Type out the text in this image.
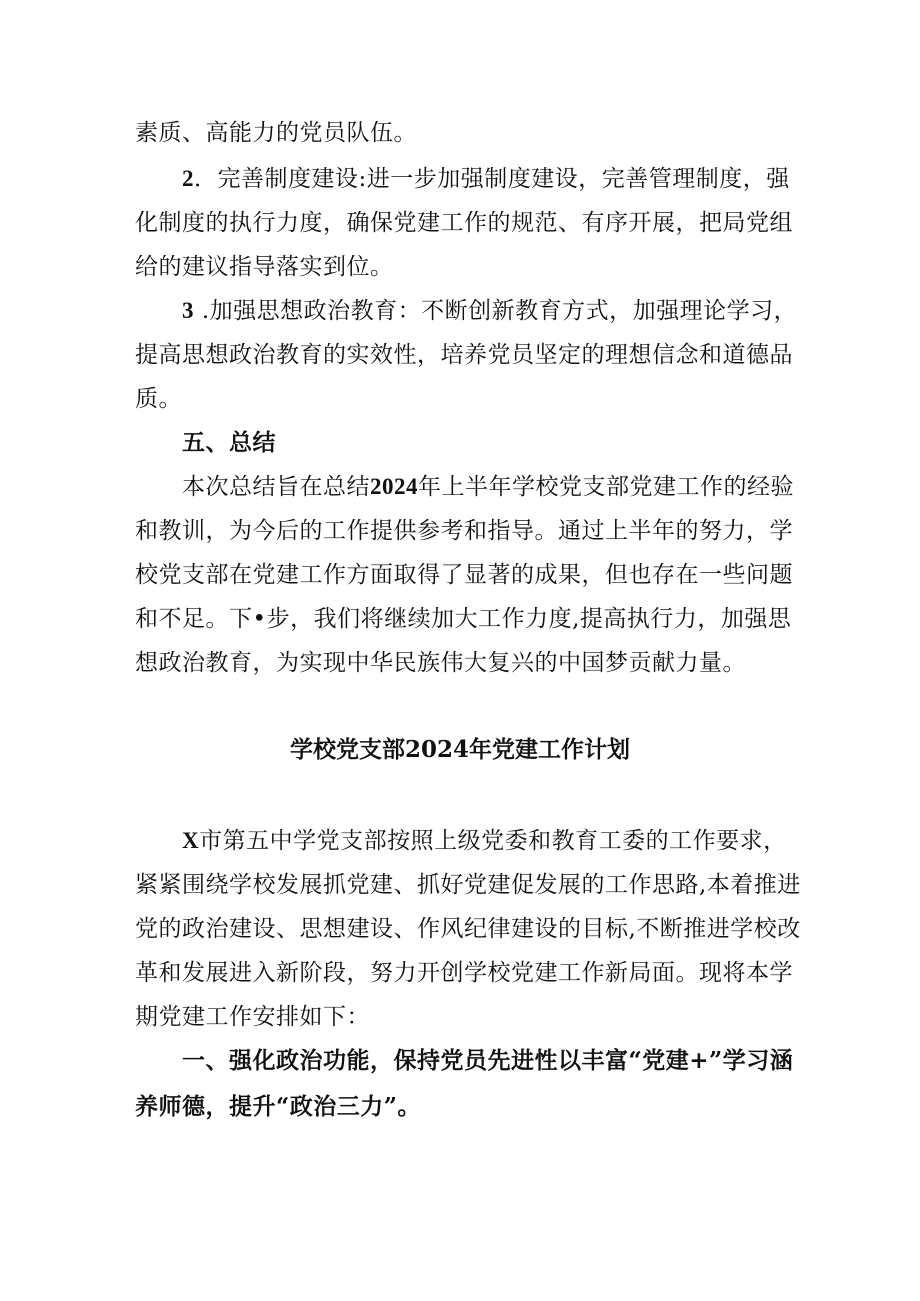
素质、高能力的党员队伍。
2．完善制度建设:进一步加强制度建设，完善管理制度，强
化制度的执行力度，确保党建工作的规范、有序开展，把局党组
给的建议指导落实到位。
3 .加强思想政治教育：不断创新教育方式，加强理论学习，
提高思想政治教育的实效性，培养党员坚定的理想信念和道德品
质。
五、总结
本次总结旨在总结2024年上半年学校党支部党建工作的经验
和教训，为今后的工作提供参考和指导。通过上半年的努力，学
校党支部在党建工作方面取得了显著的成果，但也存在一些问题
和不足。下•步，我们将继续加大工作力度,提高执行力，加强思
想政治教育，为实现中华民族伟大复兴的中国梦贡献力量。
学校党支部2024年党建工作计划
X市第五中学党支部按照上级党委和教育工委的工作要求，
紧紧围绕学校发展抓党建、抓好党建促发展的工作思路,本着推进
党的政治建设、思想建设、作风纪律建设的目标,不断推进学校改
革和发展进入新阶段，努力开创学校党建工作新局面。现将本学
期党建工作安排如下：
一、强化政治功能，保持党员先进性以丰富“党建+”学习涵
养师德，提升“政治三力”。
